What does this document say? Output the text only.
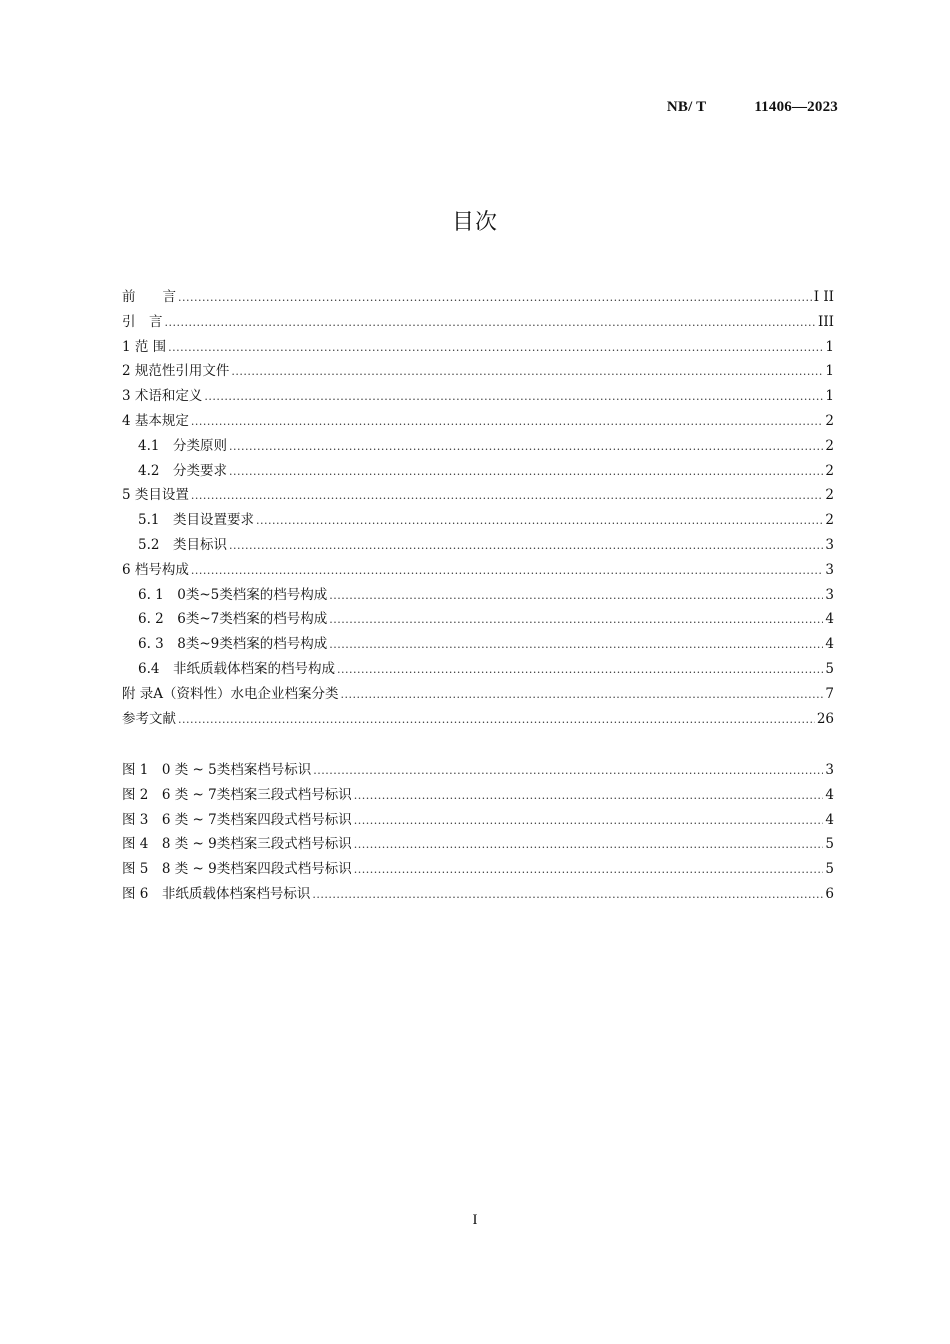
NB/ T	11406—2023
目次
前　　言 .....	I II
引　言 .....	III
1 范 围 .....	1
2 规范性引用文件 .....	1
3 术语和定义 .....	1
4 基本规定 .....	2
4.1　分类原则 .....	2
4.2　分类要求 .....	2
5 类目设置 .....	2
5.1　类目设置要求 .....	2
5.2　类目标识 .....	3
6 档号构成 .....	3
6. 1　0类~5类档案的档号构成 .....	3
6. 2　6类~7类档案的档号构成 .....	4
6. 3　8类~9类档案的档号构成 .....	4
6.4　非纸质载体档案的档号构成 .....	5
附 录A（资料性）水电企业档案分类 .....	7
参考文献 .....	26
图 1　0 类 ~ 5类档案档号标识 .....	3
图 2　6 类 ~ 7类档案三段式档号标识 .....	4
图 3　6 类 ~ 7类档案四段式档号标识 .....	4
图 4　8 类 ~ 9类档案三段式档号标识 .....	5
图 5　8 类 ~ 9类档案四段式档号标识 .....	5
图 6　非纸质载体档案档号标识 .....	6
I
